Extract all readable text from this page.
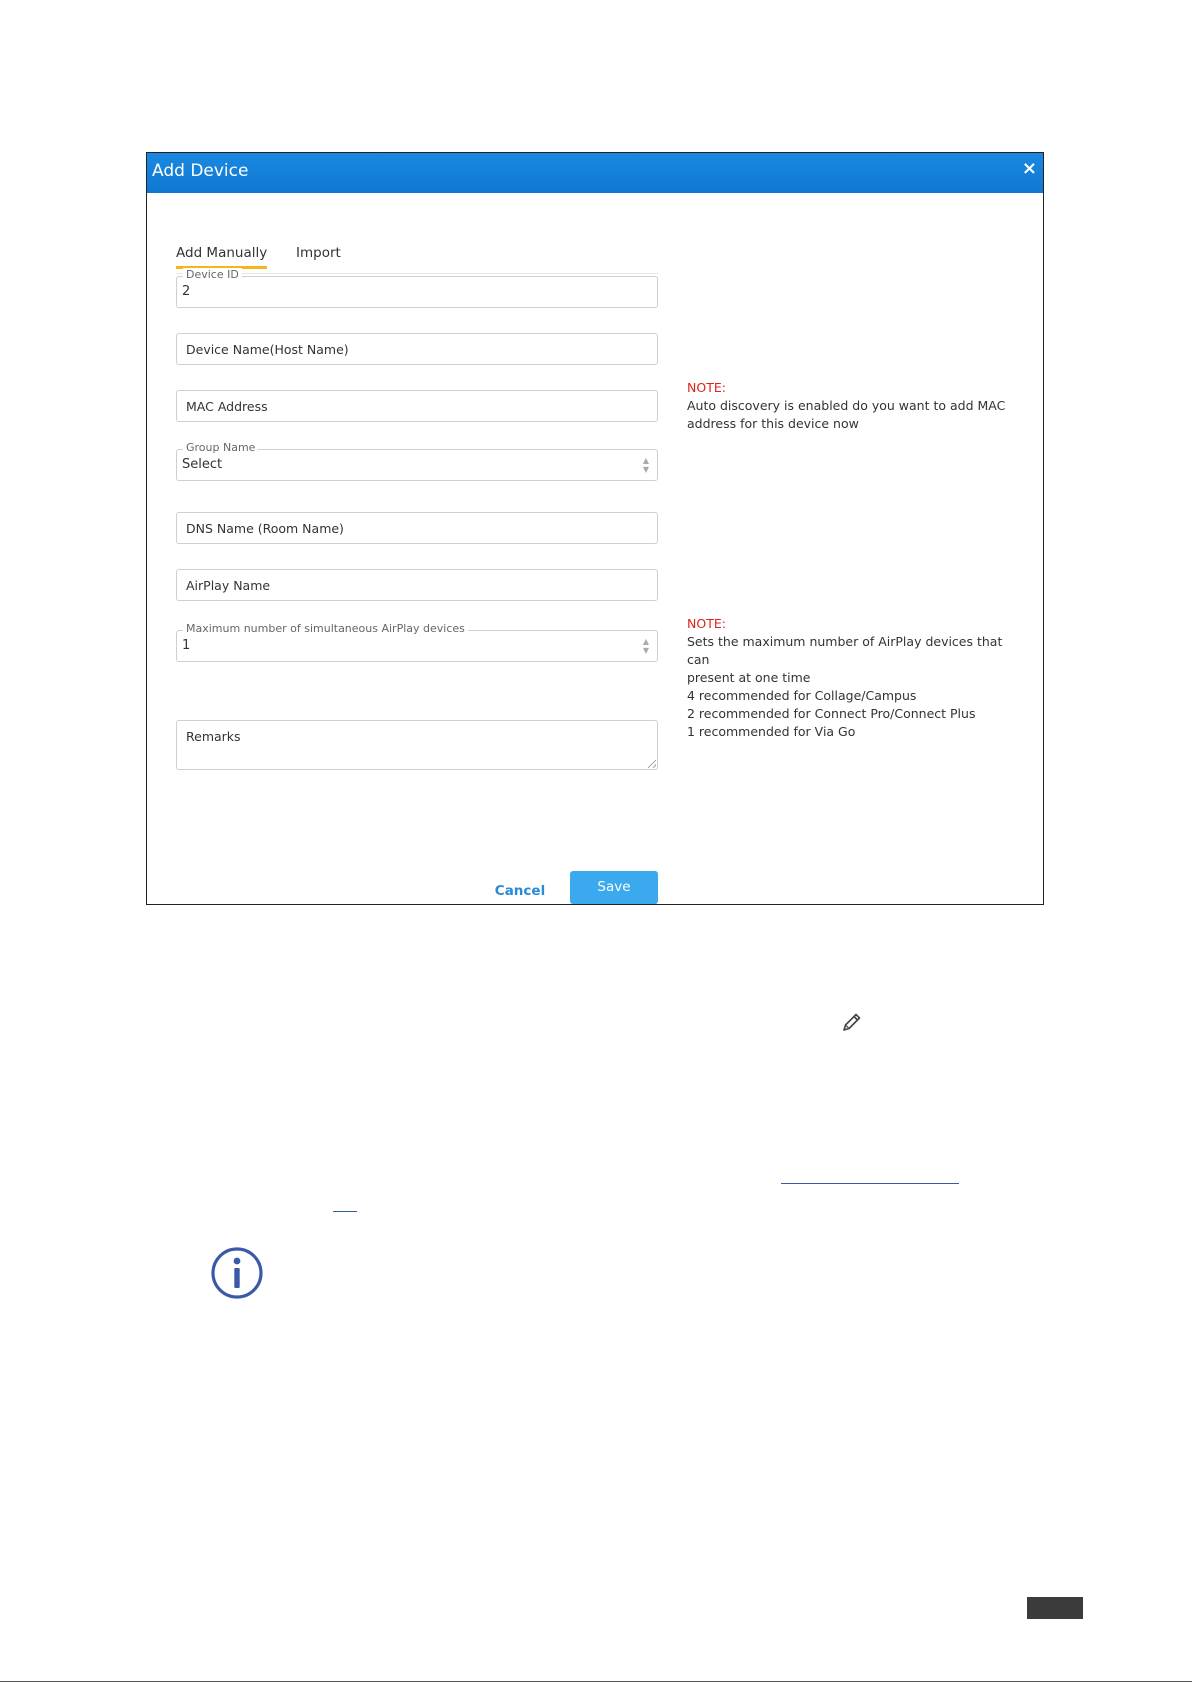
Add Device	×
Add Manually Import
Device ID
2
Device Name(Host Name)
MAC Address
Group Name
Select	▲
▼
DNS Name (Room Name)
AirPlay Name
Maximum number of simultaneous AirPlay devices
1	▲
▼
Remarks
NOTE:
Auto discovery is enabled do you want to add MAC
address for this device now
NOTE:
Sets the maximum number of AirPlay devices that can
present at one time
4 recommended for Collage/Campus
2 recommended for Connect Pro/Connect Plus
1 recommended for Via Go
Cancel	Save
